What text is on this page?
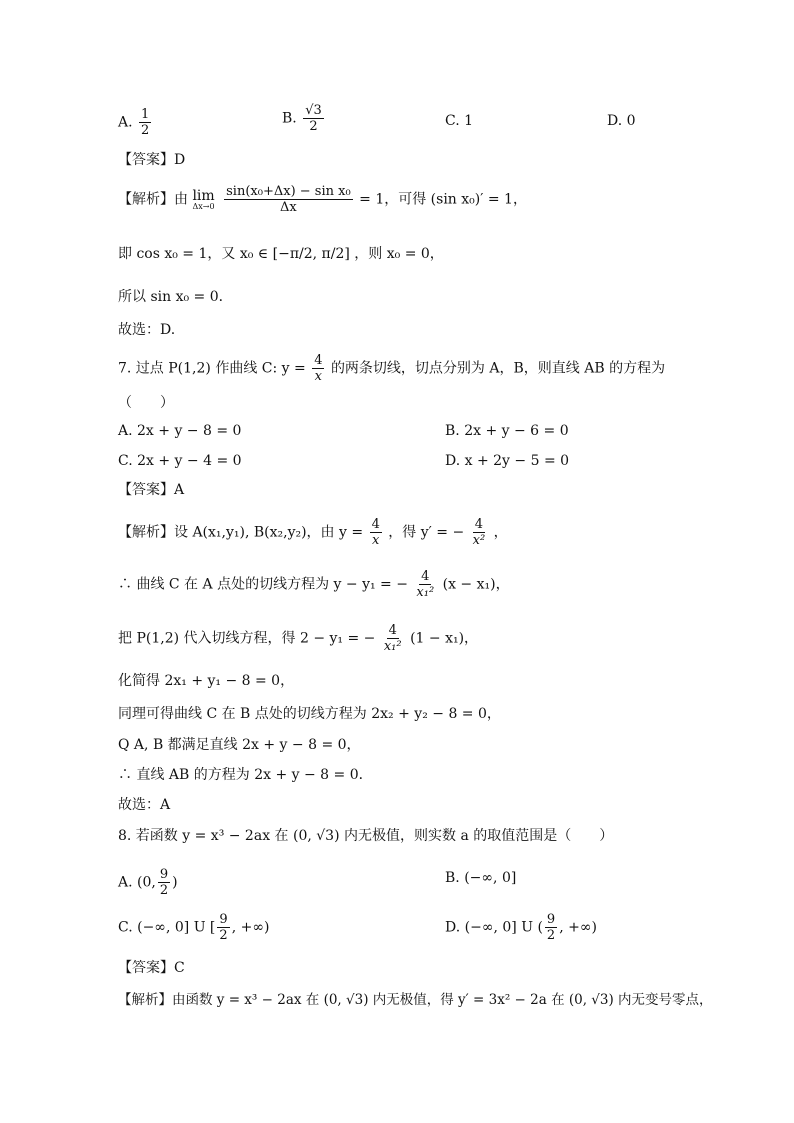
A. $\frac{1}{2}$	B. $\frac{√3}{2}$	C. 1	D. 0
【答案】D
【解析】由 lim
Δx→0
$\frac{\text{sin(x₀+Δx) − sin x₀}}{\Delta x} = 1$，可得 (sin x₀)′ = 1，
即 cos x₀ = 1，又 x₀ ∈ [−π/2, π/2] ，则 x₀ = 0，
所以 sin x₀ = 0．
故选：D.
7. 过点 P(1,2) 作曲线 C: $y = \frac{4}{x}$ 的两条切线，切点分别为 A，B，则直线 AB 的方程为
（　　）
A. 2x + y − 8 = 0	B. 2x + y − 6 = 0
C. 2x + y − 4 = 0	D. x + 2y − 5 = 0
【答案】A
【解析】设 A(x₁,y₁), B(x₂,y₂)，由 $y = \frac{4}{x}$ ，得 y′ = − $\frac{4}{\text{x²}}$ ，
∴ 曲线 C 在 A 点处的切线方程为 y − y₁ = − $\frac{4}{\text{x₁²}} (x - x_1)$，
把 P(1,2) 代入切线方程，得 2 − y₁ = − $\frac{4}{\text{x₁²}} (1 - x_1)$，
化简得 2x₁ + y₁ − 8 = 0，
同理可得曲线 C 在 B 点处的切线方程为 2x₂ + y₂ − 8 = 0，
Q A, B 都满足直线 2x + y − 8 = 0，
∴ 直线 AB 的方程为 2x + y − 8 = 0．
故选：A
8. 若函数 y = x³ − 2ax 在 (0, √3) 内无极值，则实数 a 的取值范围是（　　）
A. (0, $\frac{9}{2}$ )	B. (−∞, 0]
C. (−∞, 0] U [ $\frac{9}{2}$ , +∞)	D. (−∞, 0] U ( $\frac{9}{2}$ , +∞)
【答案】C
【解析】由函数 y = x³ − 2ax 在 (0, √3) 内无极值，得 y′ = 3x² − 2a 在 (0, √3) 内无变号零点，
